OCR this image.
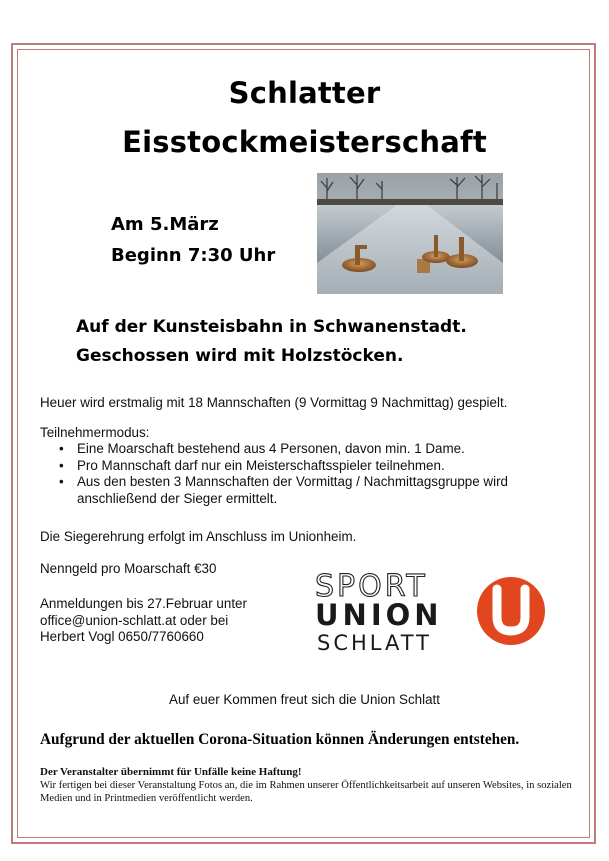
Schlatter
Eisstockmeisterschaft
Am 5.März
Beginn 7:30 Uhr
Auf der Kunsteisbahn in Schwanenstadt.
Geschossen wird mit Holzstöcken.
Heuer wird erstmalig mit 18 Mannschaften (9 Vormittag 9 Nachmittag) gespielt.
Teilnehmermodus:
• Eine Moarschaft bestehend aus 4 Personen, davon min. 1 Dame.
• Pro Mannschaft darf nur ein Meisterschaftsspieler teilnehmen.
• Aus den besten 3 Mannschaften der Vormittag / Nachmittagsgruppe wird anschließend der Sieger ermittelt.
Die Siegerehrung erfolgt im Anschluss im Unionheim.
Nenngeld pro Moarschaft €30
Anmeldungen bis 27.Februar unter
office@union-schlatt.at oder bei
Herbert Vogl 0650/7760660
SPORT
UNION
SCHLATT
Auf euer Kommen freut sich die Union Schlatt
Aufgrund der aktuellen Corona-Situation können Änderungen entstehen.
Der Veranstalter übernimmt für Unfälle keine Haftung!
Wir fertigen bei dieser Veranstaltung Fotos an, die im Rahmen unserer Öffentlichkeitsarbeit auf unseren Websites, in sozialen Medien und in Printmedien veröffentlicht werden.
